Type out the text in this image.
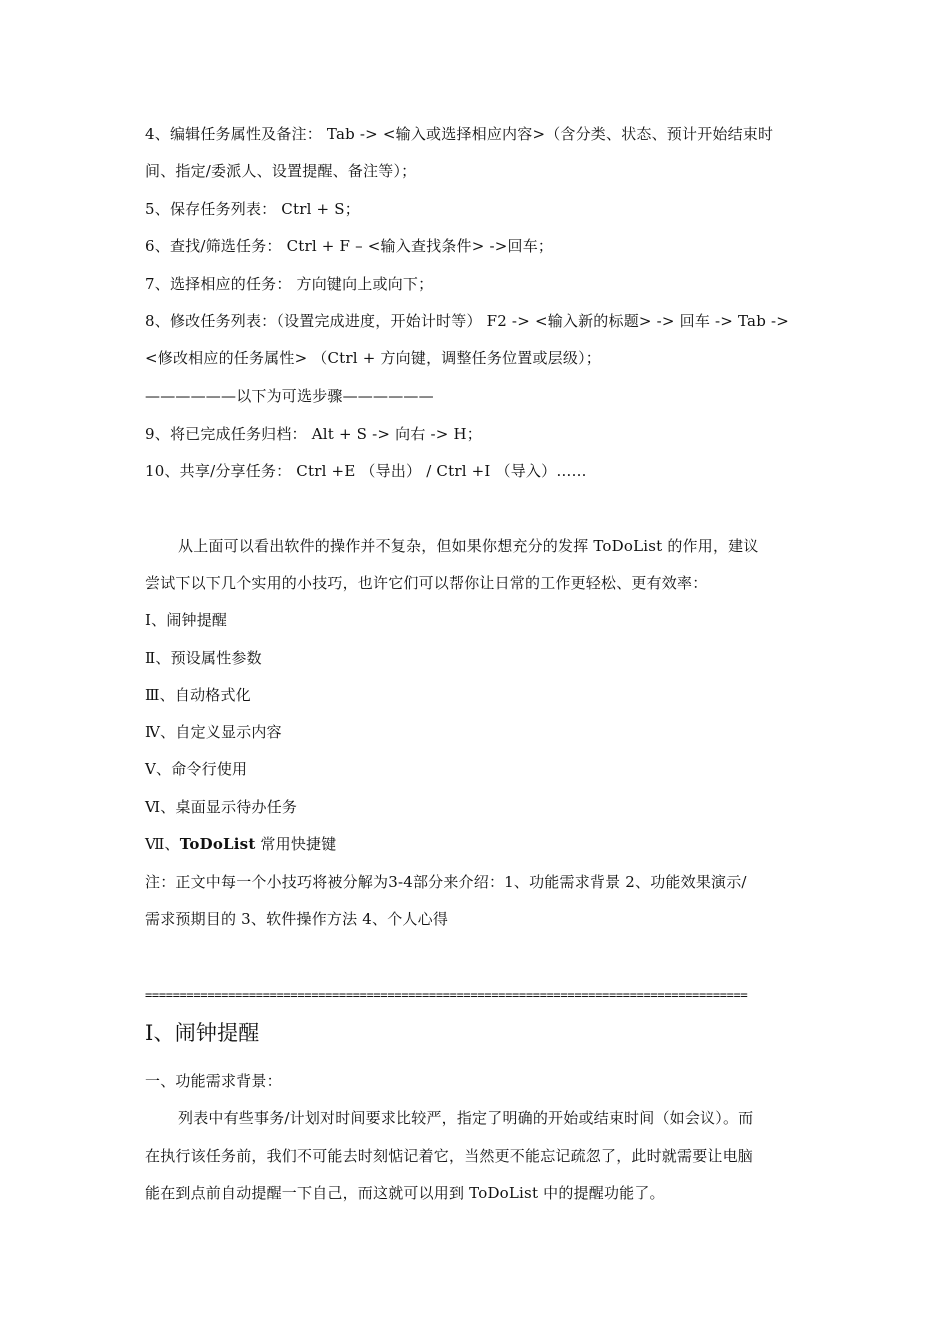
4、编辑任务属性及备注： Tab -> <输入或选择相应内容>（含分类、状态、预计开始结束时
间、指定/委派人、设置提醒、备注等）；
5、保存任务列表： Ctrl + S；
6、查找/筛选任务： Ctrl + F – <输入查找条件> ->回车；
7、选择相应的任务： 方向键向上或向下；
8、修改任务列表：（设置完成进度，开始计时等） F2 -> <输入新的标题> -> 回车 -> Tab ->
<修改相应的任务属性> （Ctrl + 方向键，调整任务位置或层级）；
——————以下为可选步骤——————
9、将已完成任务归档： Alt + S -> 向右 -> H；
10、共享/分享任务： Ctrl +E （导出） / Ctrl +I （导入）……
从上面可以看出软件的操作并不复杂，但如果你想充分的发挥 ToDoList 的作用，建议
尝试下以下几个实用的小技巧，也许它们可以帮你让日常的工作更轻松、更有效率：
Ⅰ、闹钟提醒
Ⅱ、预设属性参数
Ⅲ、自动格式化
Ⅳ、自定义显示内容
Ⅴ、命令行使用
Ⅵ、桌面显示待办任务
Ⅶ、ToDoList 常用快捷键
注：正文中每一个小技巧将被分解为3-4部分来介绍：1、功能需求背景 2、功能效果演示/
需求预期目的 3、软件操作方法 4、个人心得
=======================================================================================
Ⅰ、闹钟提醒
一、功能需求背景：
列表中有些事务/计划对时间要求比较严，指定了明确的开始或结束时间（如会议）。而
在执行该任务前，我们不可能去时刻惦记着它，当然更不能忘记疏忽了，此时就需要让电脑
能在到点前自动提醒一下自己，而这就可以用到 ToDoList 中的提醒功能了。
